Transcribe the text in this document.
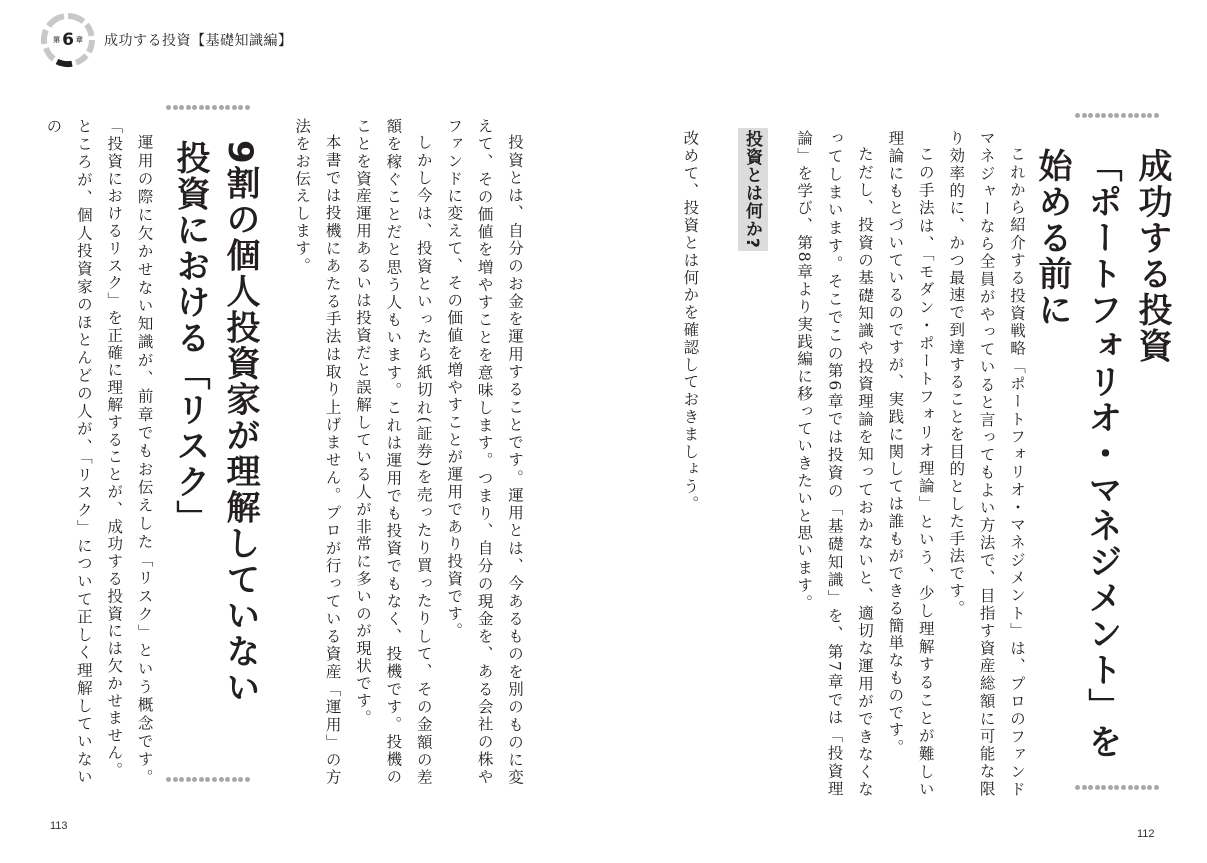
第 6 章 成功する投資【基礎知識編】
成功する投資
「ポートフォリオ・マネジメント」を始める前に

これから紹介する投資戦略「ポートフォリオ・マネジメント」は、プロのファンドマネジャーなら全員がやっていると言ってもよい方法で、目指す資産総額に可能な限り効率的に、かつ最速で到達することを目的とした手法です。

この手法は、「モダン・ポートフォリオ理論」という、少し理解することが難しい理論にもとづいているのですが、実践に関しては誰もができる簡単なものです。

ただし、投資の基礎知識や投資理論を知っておかないと、適切な運用ができなくなってしまいます。そこでこの第6章では投資の「基礎知識」を、第7章では「投資理論」を学び、第8章より実践編に移っていきたいと思います。

投資とは何か?

改めて、投資とは何かを確認しておきましょう。

112

投資とは、自分のお金を運用することです。運用とは、今あるものを別のものに変えて、その価値を増やすことを意味します。つまり、自分の現金を、ある会社の株やファンドに変えて、その価値を増やすことが運用であり投資です。

しかし今は、投資といったら紙切れ(証券)を売ったり買ったりして、その金額の差額を稼ぐことだと思う人もいます。これは運用でも投資でもなく、投機です。投機のことを資産運用あるいは投資だと誤解している人が非常に多いのが現状です。

本書では投機にあたる手法は取り上げません。プロが行っている資産「運用」の方法をお伝えします。

9割の個人投資家が理解していない
投資における「リスク」

運用の際に欠かせない知識が、前章でもお伝えした「リスク」という概念です。「投資におけるリスク」を正確に理解することが、成功する投資には欠かせません。

ところが、個人投資家のほとんどの人が、「リスク」について正しく理解していないの

113
